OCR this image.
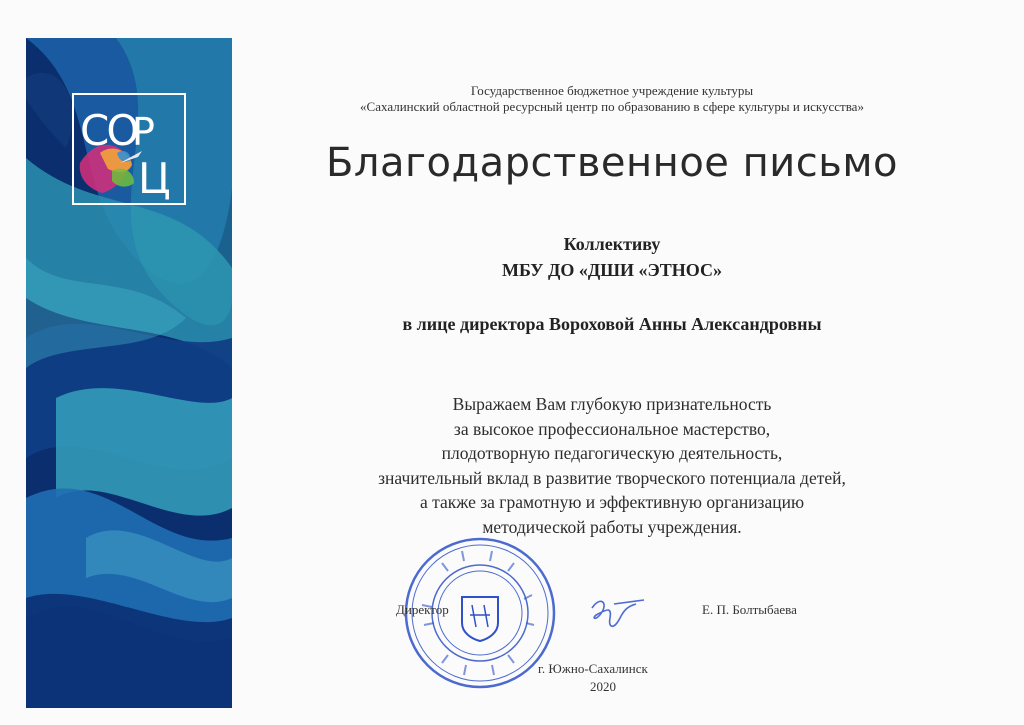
СО
Р
Ц
Государственное бюджетное учреждение культуры
«Сахалинский областной ресурсный центр по образованию в сфере культуры и искусства»
Благодарственное письмо
Коллективу
МБУ ДО «ДШИ «ЭТНОС»
в лице директора Вороховой Анны Александровны
Выражаем Вам глубокую признательность
за высокое профессиональное мастерство,
плодотворную педагогическую деятельность,
значительный вклад в развитие творческого потенциала детей,
а также за грамотную и эффективную организацию
методической работы учреждения.
Директор	Е. П. Болтыбаева
г. Южно-Сахалинск
2020
